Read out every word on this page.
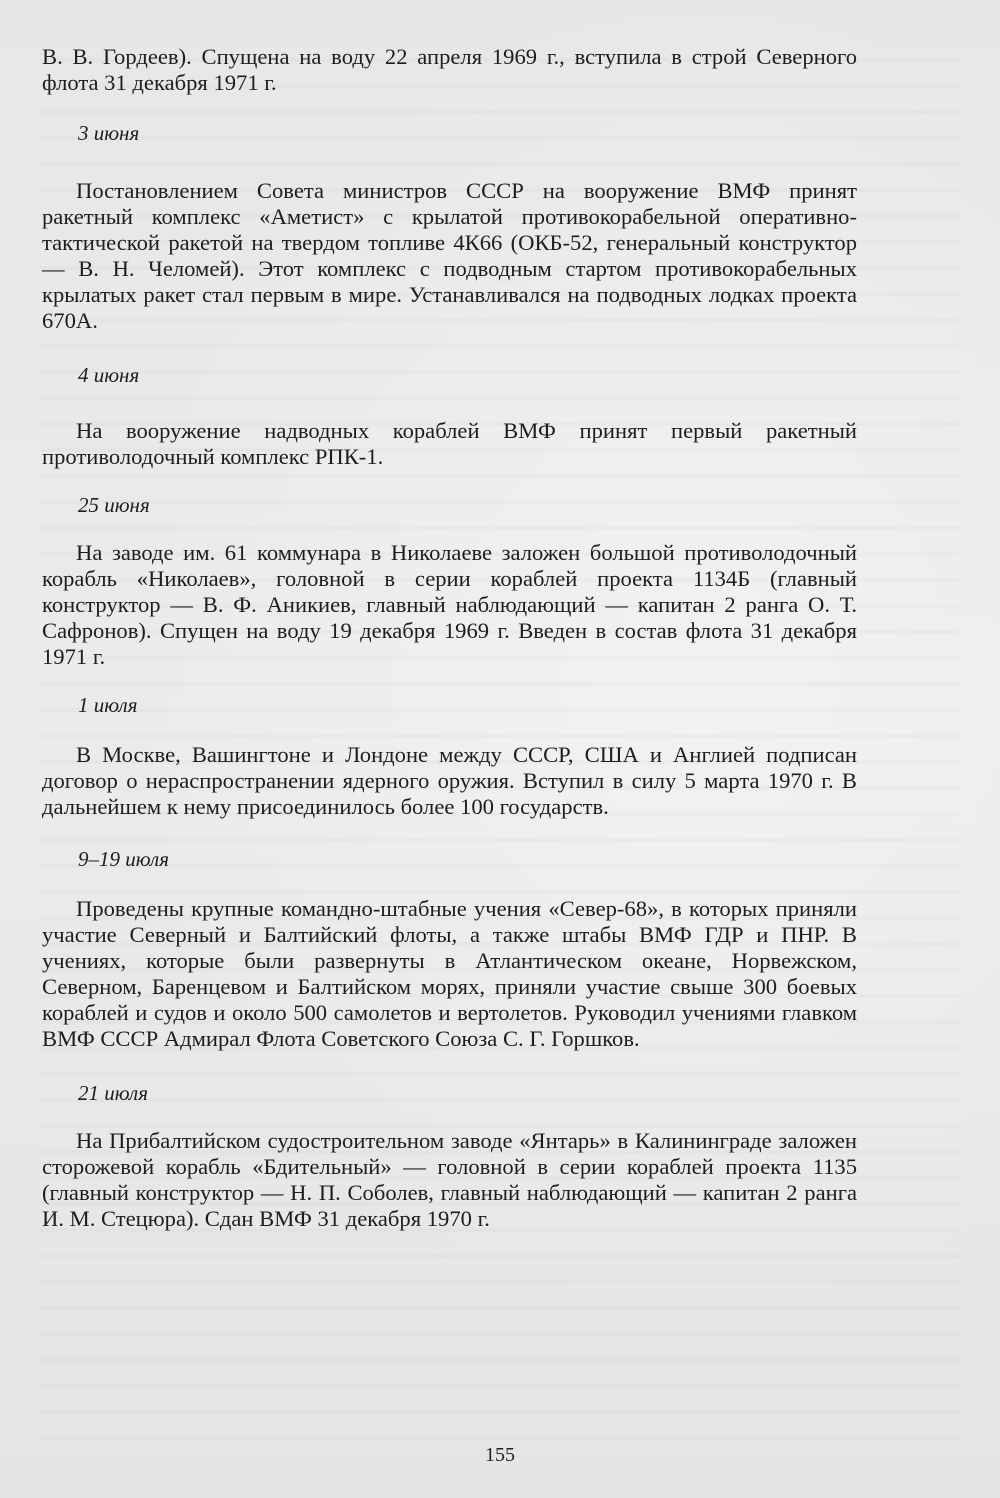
В. В. Гордеев). Спущена на воду 22 апреля 1969 г., вступила в строй Северного флота 31 декабря 1971 г.

3 июня

Постановлением Совета министров СССР на вооружение ВМФ принят ракетный комплекс «Аметист» с крылатой противокорабельной оперативно-тактической ракетой на твердом топливе 4К66 (ОКБ-52, генеральный конструктор — В. Н. Челомей). Этот комплекс с подводным стартом противокорабельных крылатых ракет стал первым в мире. Устанавливался на подводных лодках проекта 670А.

4 июня

На вооружение надводных кораблей ВМФ принят первый ракетный противолодочный комплекс РПК-1.

25 июня

На заводе им. 61 коммунара в Николаеве заложен большой противолодочный корабль «Николаев», головной в серии кораблей проекта 1134Б (главный конструктор — В. Ф. Аникиев, главный наблюдающий — капитан 2 ранга О. Т. Сафронов). Спущен на воду 19 декабря 1969 г. Введен в состав флота 31 декабря 1971 г.

1 июля

В Москве, Вашингтоне и Лондоне между СССР, США и Англией подписан договор о нераспространении ядерного оружия. Вступил в силу 5 марта 1970 г. В дальнейшем к нему присоединилось более 100 государств.

9–19 июля

Проведены крупные командно-штабные учения «Север-68», в которых приняли участие Северный и Балтийский флоты, а также штабы ВМФ ГДР и ПНР. В учениях, которые были развернуты в Атлантическом океане, Норвежском, Северном, Баренцевом и Балтийском морях, приняли участие свыше 300 боевых кораблей и судов и около 500 самолетов и вертолетов. Руководил учениями главком ВМФ СССР Адмирал Флота Советского Союза С. Г. Горшков.

21 июля

На Прибалтийском судостроительном заводе «Янтарь» в Калининграде заложен сторожевой корабль «Бдительный» — головной в серии кораблей проекта 1135 (главный конструктор — Н. П. Соболев, главный наблюдающий — капитан 2 ранга И. М. Стецюра). Сдан ВМФ 31 декабря 1970 г.

155
